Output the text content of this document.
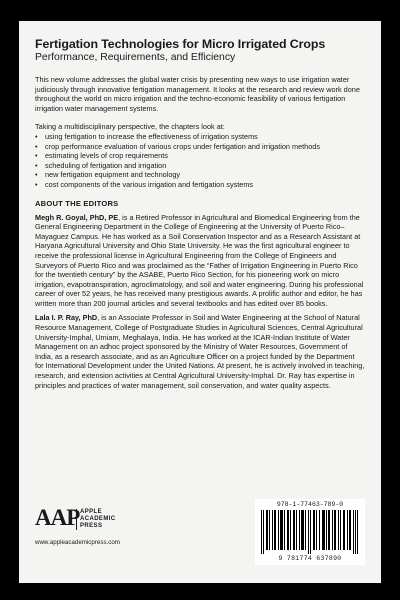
Fertigation Technologies for Micro Irrigated Crops
Performance, Requirements, and Efficiency

This new volume addresses the global water crisis by presenting new ways to use irrigation water judiciously through innovative fertigation management. It looks at the research and review work done throughout the world on micro irrigation and the techno-economic feasibility of various fertigation irrigation water management systems.

Taking a multidisciplinary perspective, the chapters look at:

• using fertigation to increase the effectiveness of irrigation systems
• crop performance evaluation of various crops under fertigation and irrigation methods
• estimating levels of crop requirements
• scheduling of fertigation and irrigation
• new fertigation equipment and technology
• cost components of the various irrigation and fertigation systems
ABOUT THE EDITORS

Megh R. Goyal, PhD, PE, is a Retired Professor in Agricultural and Biomedical Engineering from the General Engineering Department in the College of Engineering at the University of Puerto Rico–Mayaguez Campus. He has worked as a Soil Conservation Inspector and as a Research Assistant at Haryana Agricultural University and Ohio State University. He was the first agricultural engineer to receive the professional license in Agricultural Engineering from the College of Engineers and Surveyors of Puerto Rico and was proclaimed as the “Father of Irrigation Engineering in Puerto Rico for the twentieth century” by the ASABE, Puerto Rico Section, for his pioneering work on micro irrigation, evapotranspiration, agroclimatology, and soil and water engineering. During his professional career of over 52 years, he has received many prestigious awards. A prolific author and editor, he has written more than 200 journal articles and several textbooks and has edited over 85 books.

Lala I. P. Ray, PhD, is an Associate Professor in Soil and Water Engineering at the School of Natural Resource Management, College of Postgraduate Studies in Agricultural Sciences, Central Agricultural University-Imphal, Umiam, Meghalaya, India. He has worked at the ICAR-Indian Institute of Water Management on an adhoc project sponsored by the Ministry of Water Resources, Government of India, as a research associate, and as an Agriculture Officer on a project funded by the Department for International Development under the United Nations. At present, he is actively involved in teaching, research, and extension activities at Central Agricultural University-Imphal. Dr. Ray has expertise in principles and practices of water management, soil conservation, and water quality aspects.

AAP APPLE
ACADEMIC
PRESS
www.appleacademicpress.com
978-1-77463-789-0
9 781774 637890
